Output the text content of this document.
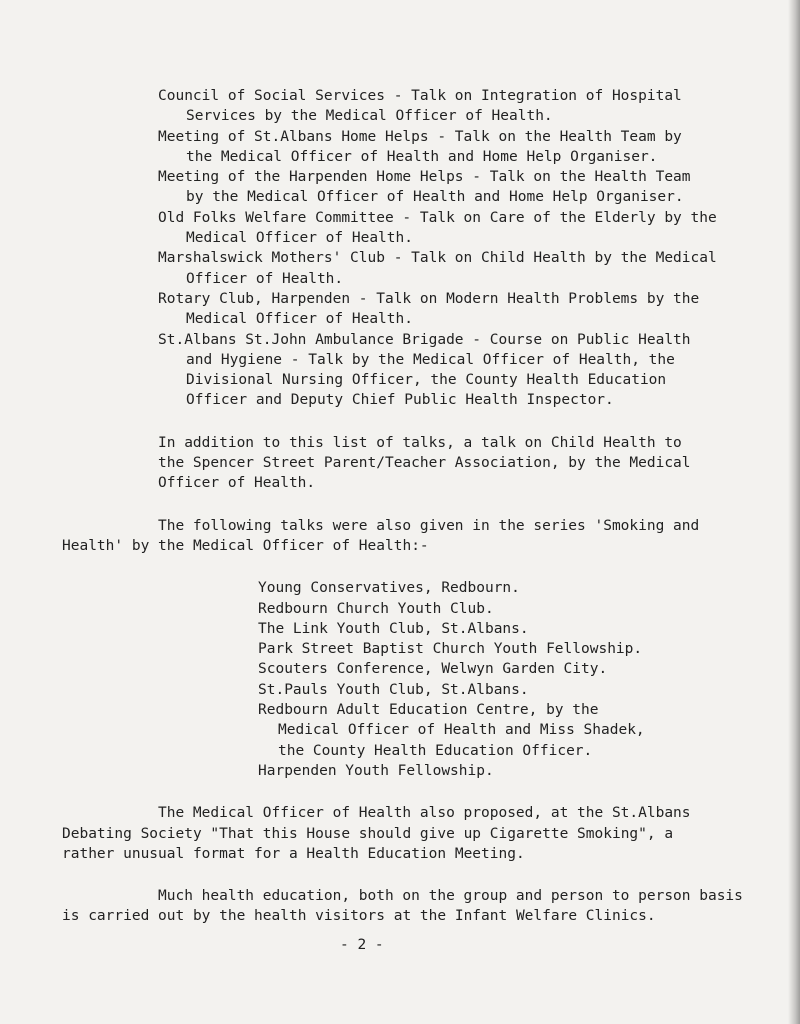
Council of Social Services - Talk on Integration of Hospital
Services by the Medical Officer of Health.
Meeting of St.Albans Home Helps - Talk on the Health Team by
the Medical Officer of Health and Home Help Organiser.
Meeting of the Harpenden Home Helps - Talk on the Health Team
by the Medical Officer of Health and Home Help Organiser.
Old Folks Welfare Committee - Talk on Care of the Elderly by the
Medical Officer of Health.
Marshalswick Mothers' Club - Talk on Child Health by the Medical
Officer of Health.
Rotary Club, Harpenden - Talk on Modern Health Problems by the
Medical Officer of Health.
St.Albans St.John Ambulance Brigade - Course on Public Health
and Hygiene - Talk by the Medical Officer of Health, the
Divisional Nursing Officer, the County Health Education
Officer and Deputy Chief Public Health Inspector.
In addition to this list of talks, a talk on Child Health to
the Spencer Street Parent/Teacher Association, by the Medical
Officer of Health.
The following talks were also given in the series 'Smoking and
Health' by the Medical Officer of Health:-
Young Conservatives, Redbourn.
Redbourn Church Youth Club.
The Link Youth Club, St.Albans.
Park Street Baptist Church Youth Fellowship.
Scouters Conference, Welwyn Garden City.
St.Pauls Youth Club, St.Albans.
Redbourn Adult Education Centre, by the
Medical Officer of Health and Miss Shadek,
the County Health Education Officer.
Harpenden Youth Fellowship.
The Medical Officer of Health also proposed, at the St.Albans
Debating Society "That this House should give up Cigarette Smoking", a
rather unusual format for a Health Education Meeting.
Much health education, both on the group and person to person basis
is carried out by the health visitors at the Infant Welfare Clinics.
- 2 -
